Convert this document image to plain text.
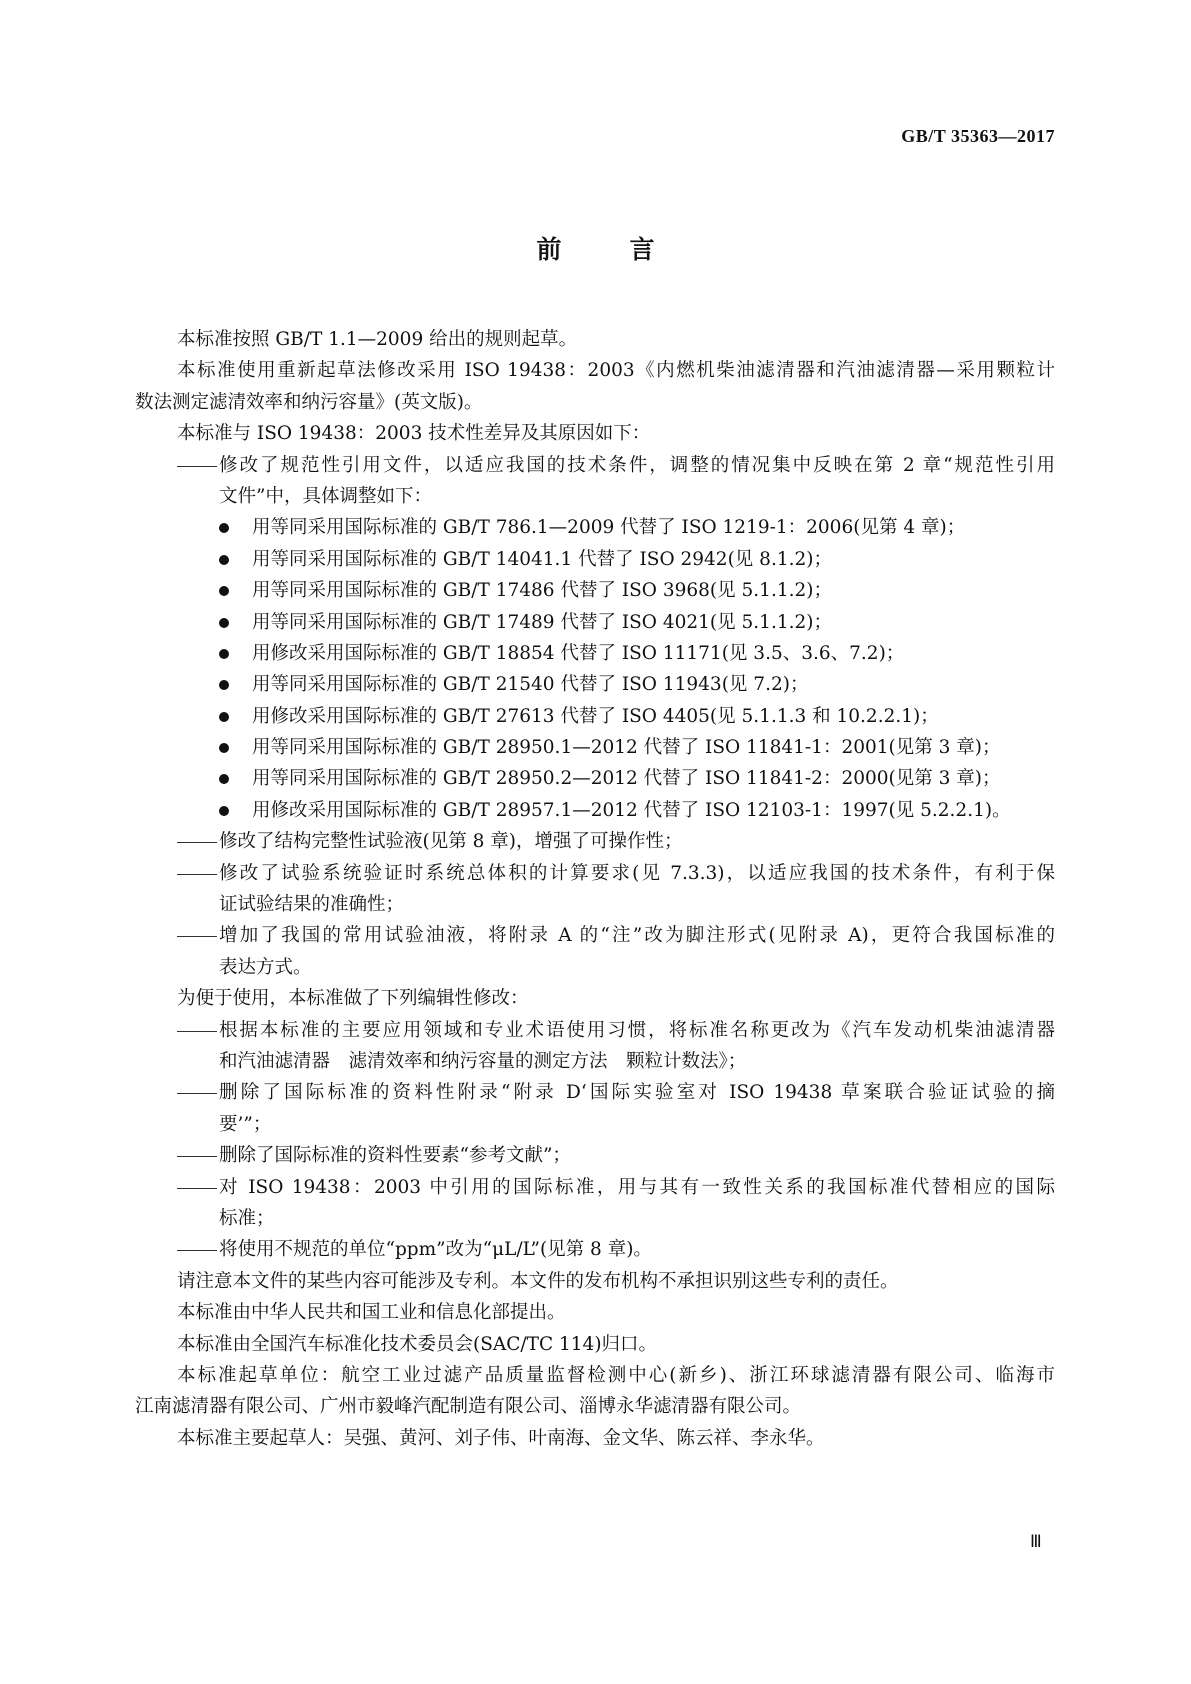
GB/T 35363—2017
前	言
本标准按照 GB/T 1.1—2009 给出的规则起草。
本标准使用重新起草法修改采用 ISO 19438：2003《内燃机柴油滤清器和汽油滤清器—采用颗粒计
数法测定滤清效率和纳污容量》(英文版)。
本标准与 ISO 19438：2003 技术性差异及其原因如下：
修改了规范性引用文件，以适应我国的技术条件，调整的情况集中反映在第 2 章“规范性引用
文件”中，具体调整如下：
用等同采用国际标准的 GB/T 786.1—2009 代替了 ISO 1219-1：2006(见第 4 章)；
用等同采用国际标准的 GB/T 14041.1 代替了 ISO 2942(见 8.1.2)；
用等同采用国际标准的 GB/T 17486 代替了 ISO 3968(见 5.1.1.2)；
用等同采用国际标准的 GB/T 17489 代替了 ISO 4021(见 5.1.1.2)；
用修改采用国际标准的 GB/T 18854 代替了 ISO 11171(见 3.5、3.6、7.2)；
用等同采用国际标准的 GB/T 21540 代替了 ISO 11943(见 7.2)；
用修改采用国际标准的 GB/T 27613 代替了 ISO 4405(见 5.1.1.3 和 10.2.2.1)；
用等同采用国际标准的 GB/T 28950.1—2012 代替了 ISO 11841-1：2001(见第 3 章)；
用等同采用国际标准的 GB/T 28950.2—2012 代替了 ISO 11841-2：2000(见第 3 章)；
用修改采用国际标准的 GB/T 28957.1—2012 代替了 ISO 12103-1：1997(见 5.2.2.1)。
修改了结构完整性试验液(见第 8 章)，增强了可操作性；
修改了试验系统验证时系统总体积的计算要求(见 7.3.3)，以适应我国的技术条件，有利于保
证试验结果的准确性；
增加了我国的常用试验油液，将附录 A 的“注”改为脚注形式(见附录 A)，更符合我国标准的
表达方式。
为便于使用，本标准做了下列编辑性修改：
根据本标准的主要应用领域和专业术语使用习惯，将标准名称更改为《汽车发动机柴油滤清器
和汽油滤清器　滤清效率和纳污容量的测定方法　颗粒计数法》；
删除了国际标准的资料性附录“附录 D‘国际实验室对 ISO 19438 草案联合验证试验的摘
要’”；
删除了国际标准的资料性要素“参考文献”；
对 ISO 19438：2003 中引用的国际标准，用与其有一致性关系的我国标准代替相应的国际
标准；
将使用不规范的单位“ppm”改为“μL/L”(见第 8 章)。
请注意本文件的某些内容可能涉及专利。本文件的发布机构不承担识别这些专利的责任。
本标准由中华人民共和国工业和信息化部提出。
本标准由全国汽车标准化技术委员会(SAC/TC 114)归口。
本标准起草单位：航空工业过滤产品质量监督检测中心(新乡)、浙江环球滤清器有限公司、临海市
江南滤清器有限公司、广州市毅峰汽配制造有限公司、淄博永华滤清器有限公司。
本标准主要起草人：吴强、黄河、刘子伟、叶南海、金文华、陈云祥、李永华。
Ⅲ
